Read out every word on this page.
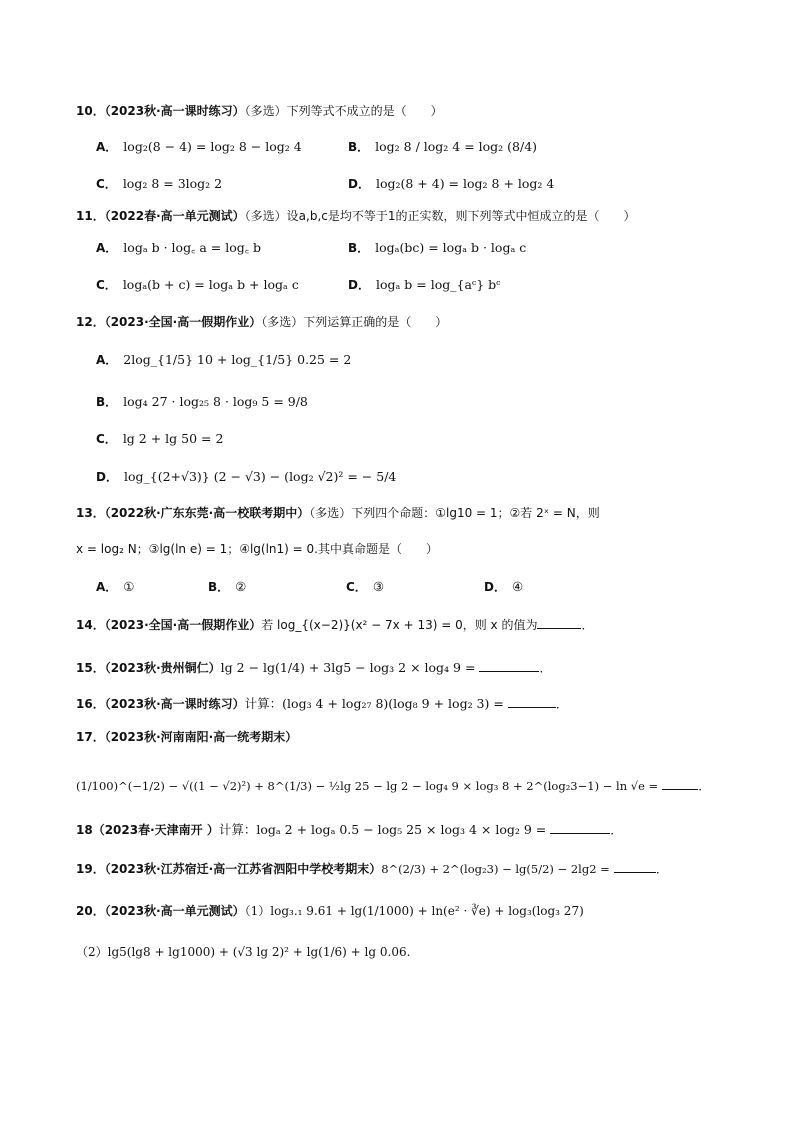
10．（2023秋·高一课时练习）（多选）下列等式不成立的是（　　）
A． log₂(8 − 4) = log₂ 8 − log₂ 4	B． log₂ 8 / log₂ 4 = log₂ (8/4)
C． log₂ 8 = 3log₂ 2	D． log₂(8 + 4) = log₂ 8 + log₂ 4
11．（2022春·高一单元测试）（多选）设a,b,c是均不等于1的正实数，则下列等式中恒成立的是（　　）
A． logₐ b · log꜀ a = log꜀ b	B． logₐ(bc) = logₐ b · logₐ c
C． logₐ(b + c) = logₐ b + logₐ c	D． logₐ b = log_{aᶜ} bᶜ
12．（2023·全国·高一假期作业）（多选）下列运算正确的是（　　）
A． 2log_{1/5} 10 + log_{1/5} 0.25 = 2
B． log₄ 27 · log₂₅ 8 · log₉ 5 = 9/8
C． lg 2 + lg 50 = 2
D． log_{(2+√3)} (2 − √3) − (log₂ √2)² = − 5/4
13．（2022秋·广东东莞·高一校联考期中）（多选）下列四个命题：①lg10 = 1；②若 2ˣ = N，则
x = log₂ N；③lg(ln e) = 1；④lg(ln1) = 0.其中真命题是（　　）
A． ①	B． ②	C． ③	D． ④
14．（2023·全国·高一假期作业）若 log_{(x−2)}(x² − 7x + 13) = 0，则 x 的值为	．
15．（2023秋·贵州铜仁）lg 2 − lg(1/4) + 3lg5 − log₃ 2 × log₄ 9 =	．
16．（2023秋·高一课时练习）计算：(log₃ 4 + log₂₇ 8)(log₈ 9 + log₂ 3) =	．
17．（2023秋·河南南阳·高一统考期末）
(1/100)^(−1/2) − √((1 − √2)²) + 8^(1/3) − ½lg 25 − lg 2 − log₄ 9 × log₃ 8 + 2^(log₂3−1) − ln √e =	．
18（2023春·天津南开 ）计算：logₐ 2 + logₐ 0.5 − log₅ 25 × log₃ 4 × log₂ 9 =	．
19．（2023秋·江苏宿迁·高一江苏省泗阳中学校考期末）8^(2/3) + 2^(log₂3) − lg(5/2) − 2lg2 =	．
20．（2023秋·高一单元测试）（1）log₃.₁ 9.61 + lg(1/1000) + ln(e² · ∛e) + log₃(log₃ 27)
（2）lg5(lg8 + lg1000) + (√3 lg 2)² + lg(1/6) + lg 0.06.
